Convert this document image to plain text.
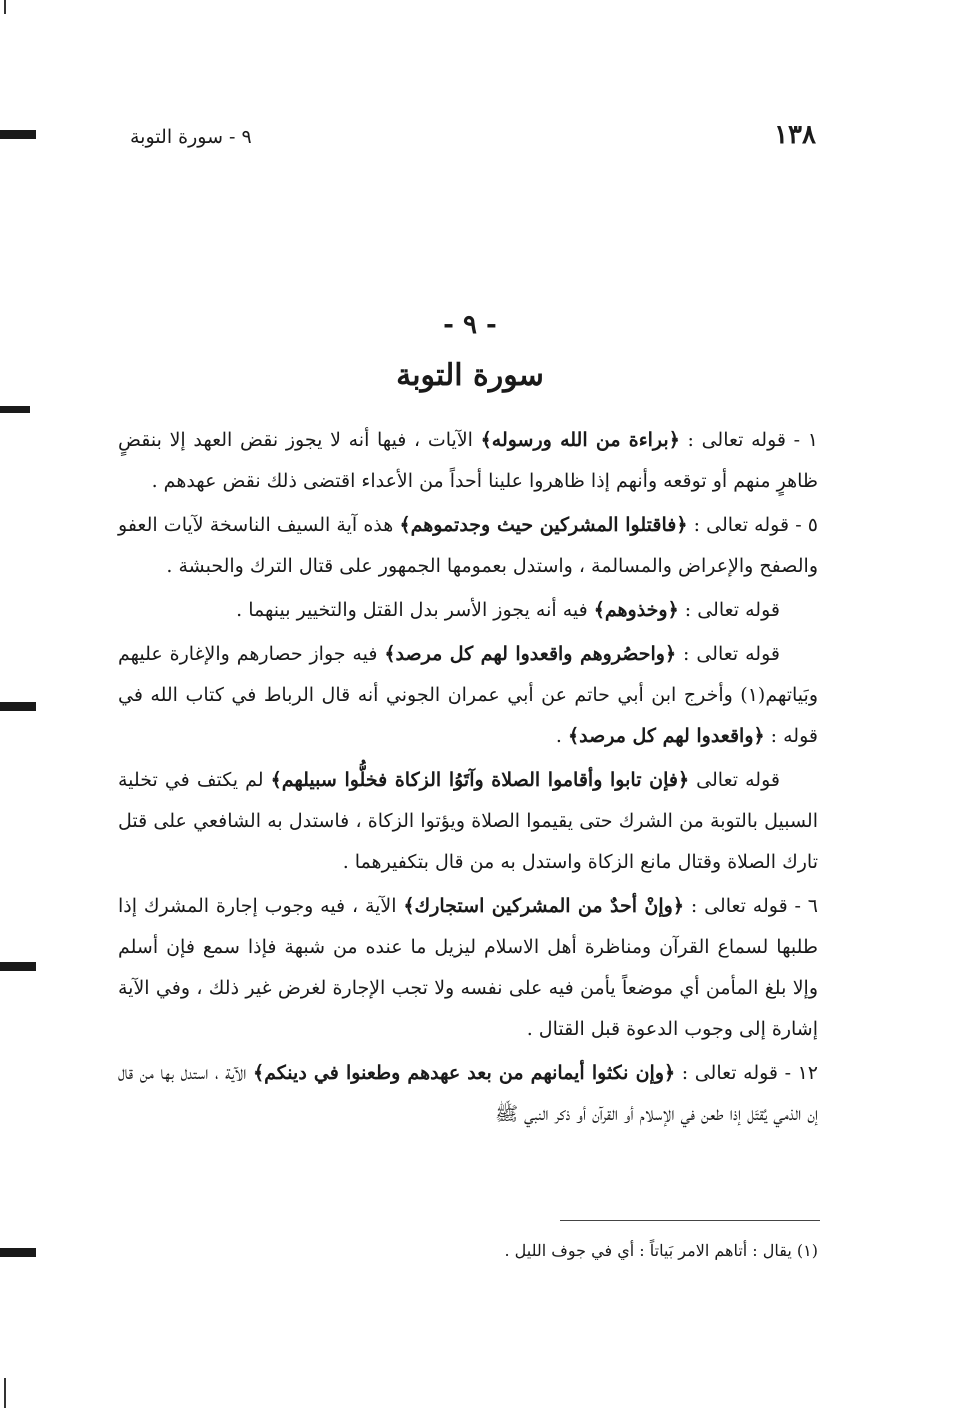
١٣٨
٩ - سورة التوبة
- ٩ -
سورة التوبة

١ - قوله تعالى : ﴿براءة من الله ورسوله﴾ الآيات ، فيها أنه لا يجوز نقض العهد إلا بنقضٍ ظاهرٍ منهم أو توقعه وأنهم إذا ظاهروا علينا أحداً من الأعداء اقتضى ذلك نقض عهدهم .

٥ - قوله تعالى : ﴿فاقتلوا المشركين حيث وجدتموهم﴾ هذه آية السيف الناسخة لآيات العفو والصفح والإعراض والمسالمة ، واستدل بعمومها الجمهور على قتال الترك والحبشة .

قوله تعالى : ﴿وخذوهم﴾ فيه أنه يجوز الأسر بدل القتل والتخيير بينهما .

قوله تعالى : ﴿واحصُروهم واقعدوا لهم كل مرصد﴾ فيه جواز حصارهم والإغارة عليهم وبَياتهم(١) وأخرج ابن أبي حاتم عن أبي عمران الجوني أنه قال الرباط في كتاب الله في قوله : ﴿واقعدوا لهم كل مرصد﴾ .

قوله تعالى ﴿فإن تابوا وأقاموا الصلاة وآتَوُا الزكاة فخلُّوا سبيلهم﴾ لم يكتف في تخلية السبيل بالتوبة من الشرك حتى يقيموا الصلاة ويؤتوا الزكاة ، فاستدل به الشافعي على قتل تارك الصلاة وقتال مانع الزكاة واستدل به من قال بتكفيرهما .

٦ - قوله تعالى : ﴿وإنْ أحدٌ من المشركين استجارك﴾ الآية ، فيه وجوب إجارة المشرك إذا طلبها لسماع القرآن ومناظرة أهل الاسلام ليزيل ما عنده من شبهة فإذا سمع فإن أسلم وإلا بلغ المأمن أي موضعاً يأمن فيه على نفسه ولا تجب الإجارة لغرض غير ذلك ، وفي الآية إشارة إلى وجوب الدعوة قبل القتال .

١٢ - قوله تعالى : ﴿وإن نكثوا أيمانهم من بعد عهدهم وطعنوا في دينكم﴾ الآية ، استدل بها من قال إن الذمي يُقتَل إذا طعن في الإسلام أو القرآن أو ذكر النبي ﷺ

(١) يقال : أتاهم الامر بَياتاً : أي في جوف الليل .
